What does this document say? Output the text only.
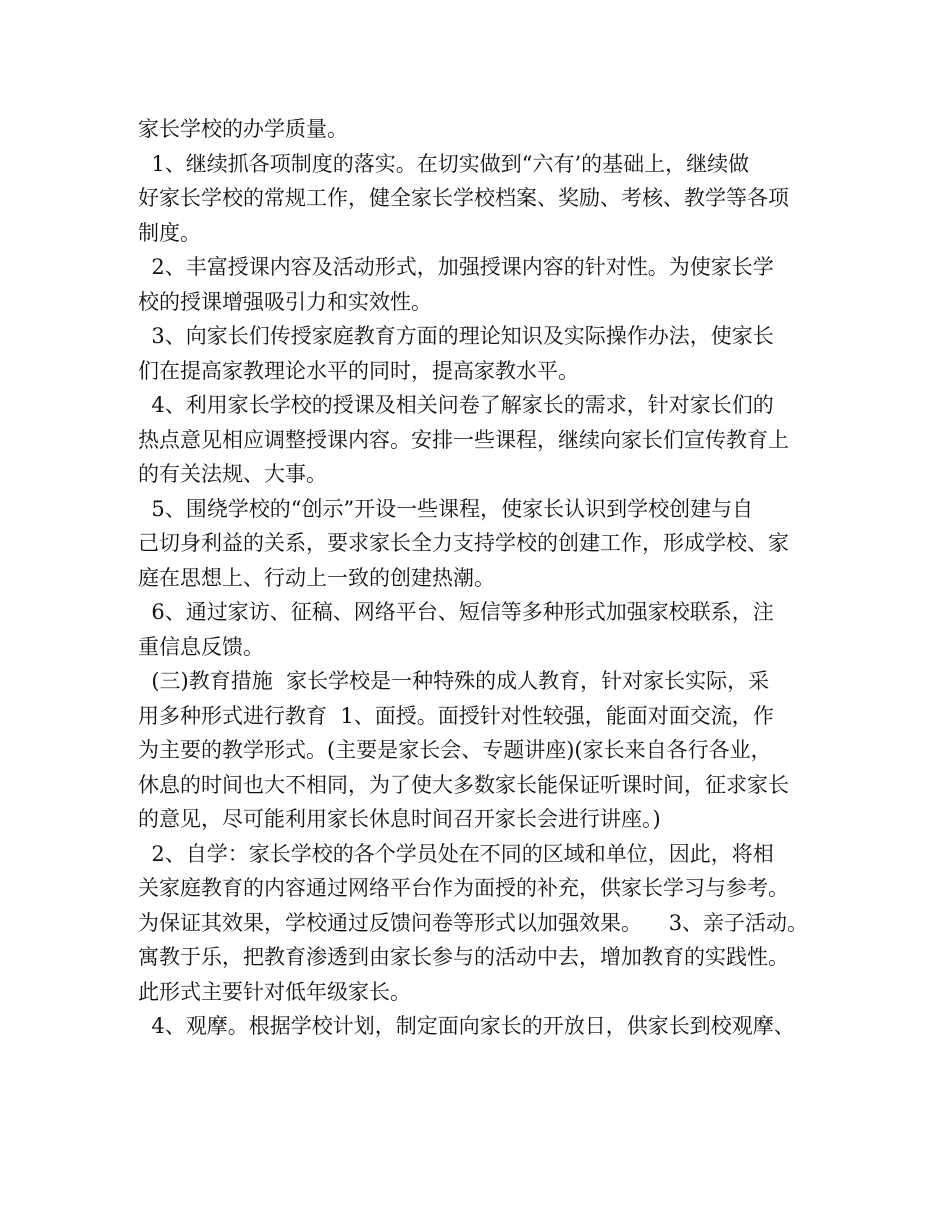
家长学校的办学质量。
1、继续抓各项制度的落实。在切实做到“六有’的基础上，继续做
好家长学校的常规工作，健全家长学校档案、奖励、考核、教学等各项
制度。
2、丰富授课内容及活动形式，加强授课内容的针对性。为使家长学
校的授课增强吸引力和实效性。
3、向家长们传授家庭教育方面的理论知识及实际操作办法，使家长
们在提高家教理论水平的同时，提高家教水平。
4、利用家长学校的授课及相关问卷了解家长的需求，针对家长们的
热点意见相应调整授课内容。安排一些课程，继续向家长们宣传教育上
的有关法规、大事。
5、围绕学校的“创示”开设一些课程，使家长认识到学校创建与自
己切身利益的关系，要求家长全力支持学校的创建工作，形成学校、家
庭在思想上、行动上一致的创建热潮。
6、通过家访、征稿、网络平台、短信等多种形式加强家校联系，注
重信息反馈。
(三)教育措施  家长学校是一种特殊的成人教育，针对家长实际，采
用多种形式进行教育  1、面授。面授针对性较强，能面对面交流，作
为主要的教学形式。(主要是家长会、专题讲座)(家长来自各行各业，
休息的时间也大不相同，为了使大多数家长能保证听课时间，征求家长
的意见，尽可能利用家长休息时间召开家长会进行讲座。)
2、自学：家长学校的各个学员处在不同的区域和单位，因此，将相
关家庭教育的内容通过网络平台作为面授的补充，供家长学习与参考。
为保证其效果，学校通过反馈问卷等形式以加强效果。    3、亲子活动。
寓教于乐，把教育渗透到由家长参与的活动中去，增加教育的实践性。
此形式主要针对低年级家长。
4、观摩。根据学校计划，制定面向家长的开放日，供家长到校观摩、
